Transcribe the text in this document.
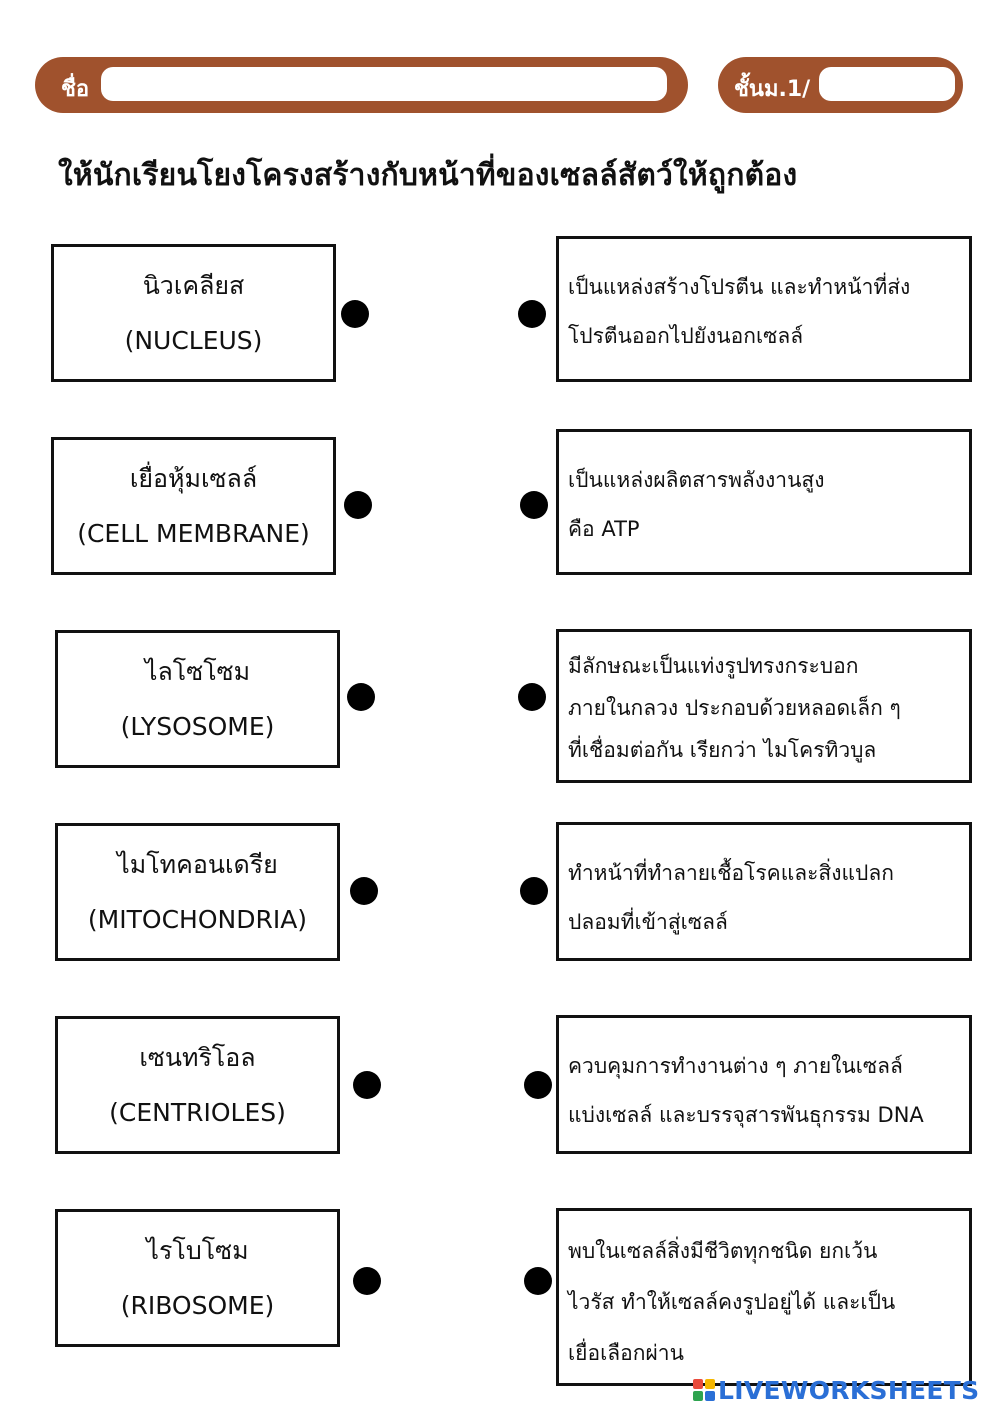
ชื่อ	ชั้นม.1/
ให้นักเรียนโยงโครงสร้างกับหน้าที่ของเซลล์สัตว์ให้ถูกต้อง
นิวเคลียส
(NUCLEUS)
เยื่อหุ้มเซลล์
(CELL MEMBRANE)
ไลโซโซม
(LYSOSOME)
ไมโทคอนเดรีย
(MITOCHONDRIA)
เซนทริโอล
(CENTRIOLES)
ไรโบโซม
(RIBOSOME)
เป็นแหล่งสร้างโปรตีน และทำหน้าที่ส่ง
โปรตีนออกไปยังนอกเซลล์
เป็นแหล่งผลิตสารพลังงานสูง
คือ ATP
มีลักษณะเป็นแท่งรูปทรงกระบอก
ภายในกลวง ประกอบด้วยหลอดเล็ก ๆ
ที่เชื่อมต่อกัน เรียกว่า ไมโครทิวบูล
ทำหน้าที่ทำลายเชื้อโรคและสิ่งแปลก
ปลอมที่เข้าสู่เซลล์
ควบคุมการทำงานต่าง ๆ ภายในเซลล์
แบ่งเซลล์ และบรรจุสารพันธุกรรม DNA
พบในเซลล์สิ่งมีชีวิตทุกชนิด ยกเว้น
ไวรัส ทำให้เซลล์คงรูปอยู่ได้ และเป็น
เยื่อเลือกผ่าน
LIVEWORKSHEETS
